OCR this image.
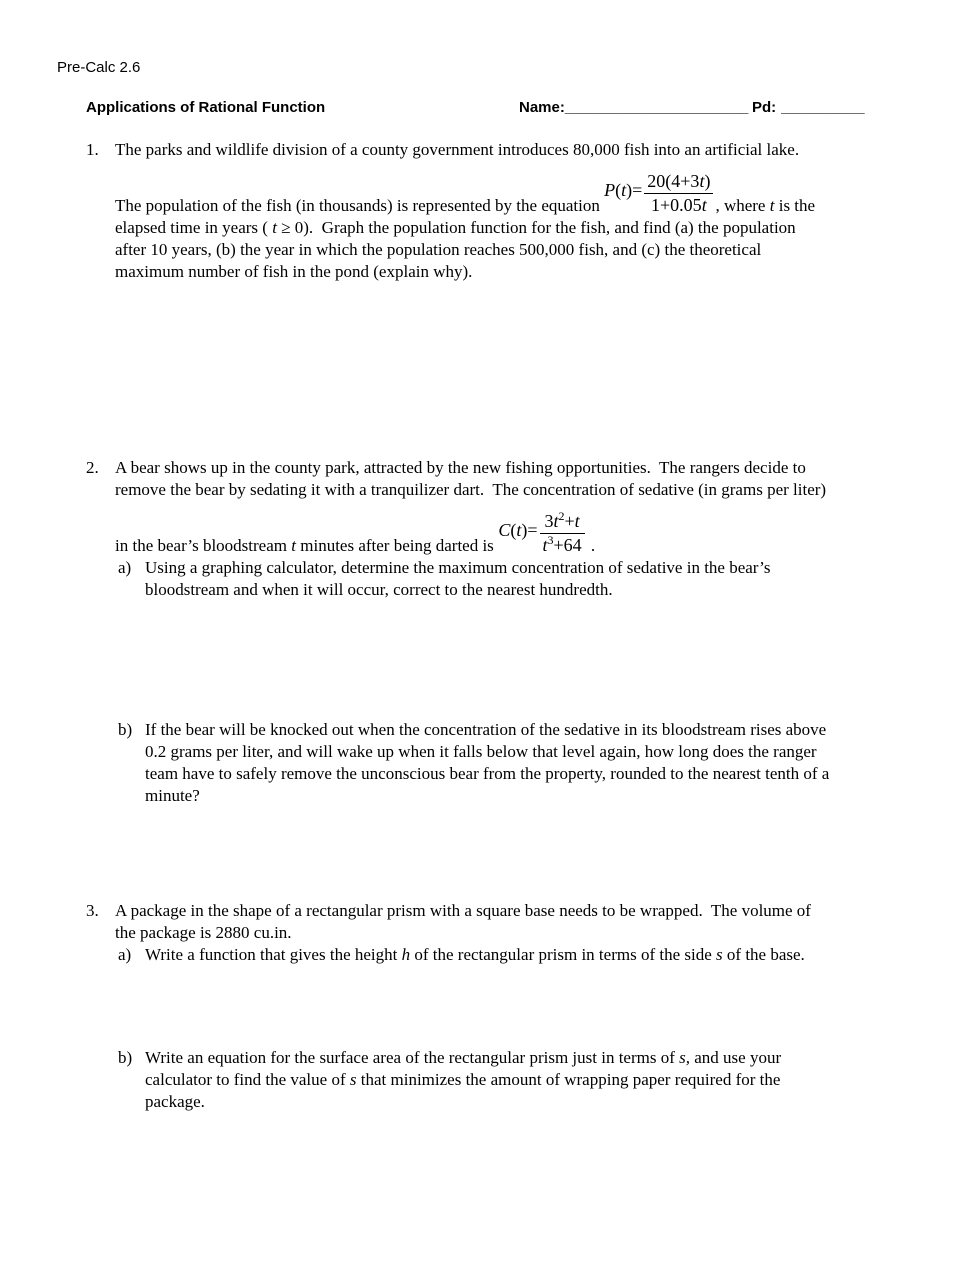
Pre-Calc 2.6
Applications of Rational Function	Name:______________________ Pd: __________
1. The parks and wildlife division of a county government introduces 80,000 fish into an artificial lake.
The population of the fish (in thousands) is represented by the equation
$P(t)= \frac{20(4+3t)}{1+0.05t}$ , where t is the
elapsed time in years ( t ≥ 0).  Graph the population function for the fish, and find (a) the population
after 10 years, (b) the year in which the population reaches 500,000 fish, and (c) the theoretical
maximum number of fish in the pond (explain why).
2. A bear shows up in the county park, attracted by the new fishing opportunities.  The rangers decide to
remove the bear by sedating it with a tranquilizer dart.  The concentration of sedative (in grams per liter)
in the bear’s bloodstream t minutes after being darted is
$C(t)= \frac{3t^2+t}{t^3+64}$ .
a) Using a graphing calculator, determine the maximum concentration of sedative in the bear’s
bloodstream and when it will occur, correct to the nearest hundredth.
b) If the bear will be knocked out when the concentration of the sedative in its bloodstream rises above
0.2 grams per liter, and will wake up when it falls below that level again, how long does the ranger
team have to safely remove the unconscious bear from the property, rounded to the nearest tenth of a
minute?
3. A package in the shape of a rectangular prism with a square base needs to be wrapped.  The volume of
the package is 2880 cu.in.
a) Write a function that gives the height h of the rectangular prism in terms of the side s of the base.
b) Write an equation for the surface area of the rectangular prism just in terms of s, and use your
calculator to find the value of s that minimizes the amount of wrapping paper required for the
package.
